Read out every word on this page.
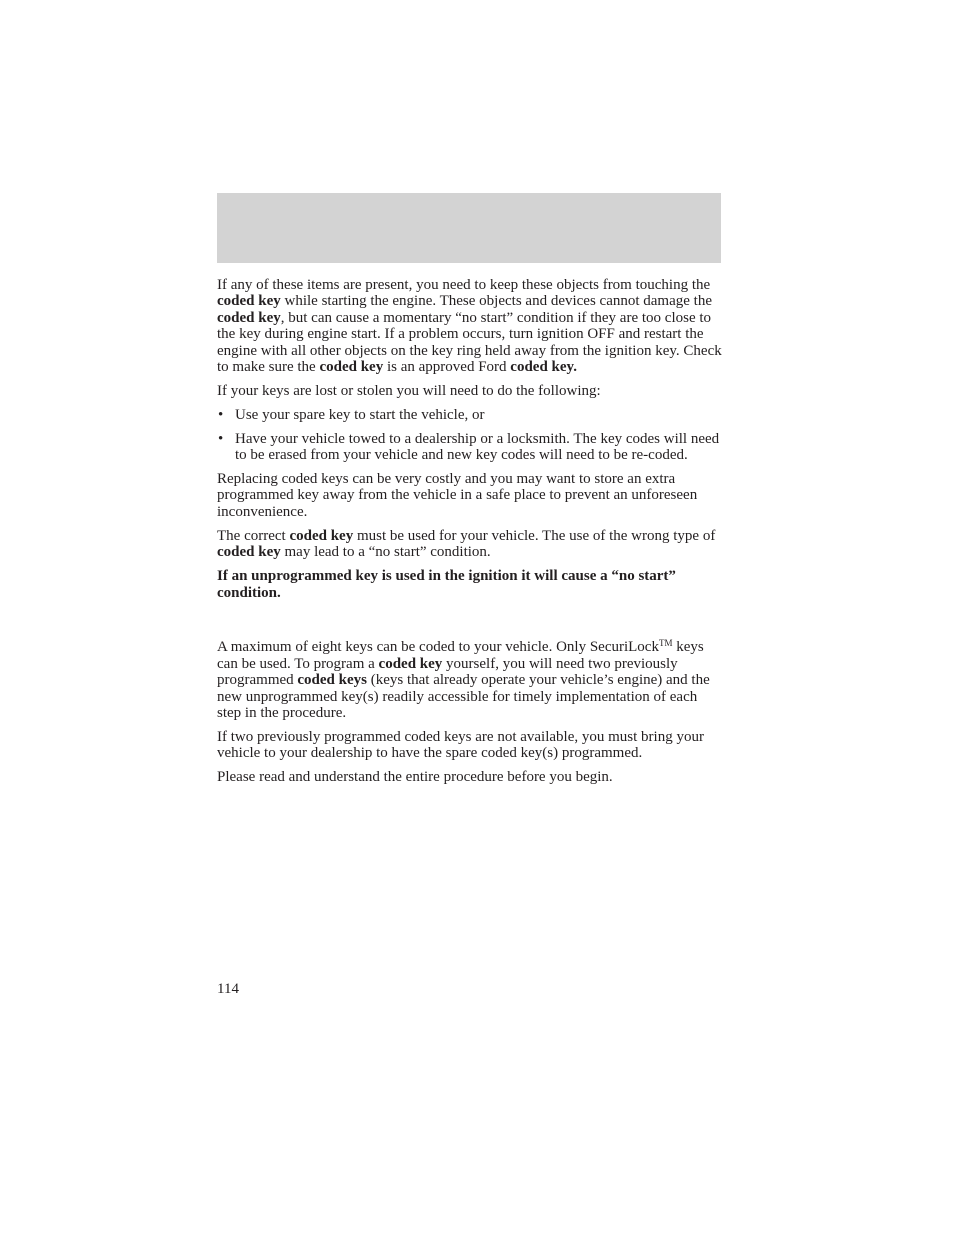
If any of these items are present, you need to keep these objects from touching the coded key while starting the engine. These objects and devices cannot damage the coded key, but can cause a momentary “no start” condition if they are too close to the key during engine start. If a problem occurs, turn ignition OFF and restart the engine with all other objects on the key ring held away from the ignition key. Check to make sure the coded key is an approved Ford coded key.

If your keys are lost or stolen you will need to do the following:

• Use your spare key to start the vehicle, or
• Have your vehicle towed to a dealership or a locksmith. The key codes will need to be erased from your vehicle and new key codes will need to be re-coded.

Replacing coded keys can be very costly and you may want to store an extra programmed key away from the vehicle in a safe place to prevent an unforeseen inconvenience.

The correct coded key must be used for your vehicle. The use of the wrong type of coded key may lead to a “no start” condition.

If an unprogrammed key is used in the ignition it will cause a “no start” condition.

A maximum of eight keys can be coded to your vehicle. Only SecuriLock™ keys can be used. To program a coded key yourself, you will need two previously programmed coded keys (keys that already operate your vehicle’s engine) and the new unprogrammed key(s) readily accessible for timely implementation of each step in the procedure.

If two previously programmed coded keys are not available, you must bring your vehicle to your dealership to have the spare coded key(s) programmed.

Please read and understand the entire procedure before you begin.

114
